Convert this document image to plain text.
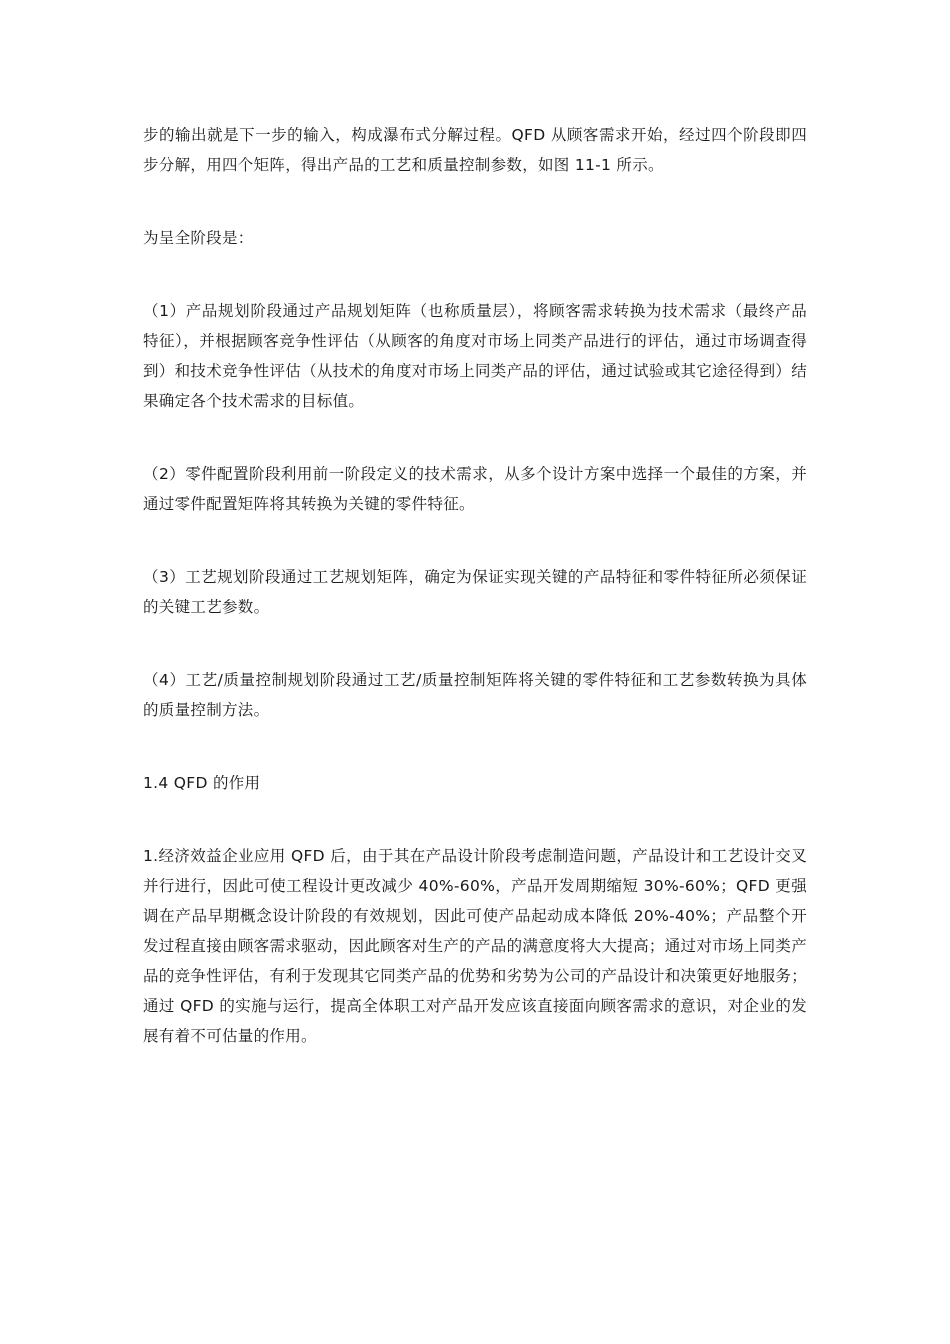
步的输出就是下一步的输入，构成瀑布式分解过程。QFD 从顾客需求开始，经过四个阶段即四步分解，用四个矩阵，得出产品的工艺和质量控制参数，如图 11-1 所示。

为呈全阶段是：

（1）产品规划阶段通过产品规划矩阵（也称质量层），将顾客需求转换为技术需求（最终产品特征），并根据顾客竞争性评估（从顾客的角度对市场上同类产品进行的评估，通过市场调查得到）和技术竞争性评估（从技术的角度对市场上同类产品的评估，通过试验或其它途径得到）结果确定各个技术需求的目标值。

（2）零件配置阶段利用前一阶段定义的技术需求，从多个设计方案中选择一个最佳的方案，并通过零件配置矩阵将其转换为关键的零件特征。

（3）工艺规划阶段通过工艺规划矩阵，确定为保证实现关键的产品特征和零件特征所必须保证的关键工艺参数。

（4）工艺/质量控制规划阶段通过工艺/质量控制矩阵将关键的零件特征和工艺参数转换为具体的质量控制方法。

1.4 QFD 的作用

1.经济效益企业应用 QFD 后，由于其在产品设计阶段考虑制造问题，产品设计和工艺设计交叉并行进行，因此可使工程设计更改减少 40%-60%，产品开发周期缩短 30%-60%；QFD 更强调在产品早期概念设计阶段的有效规划，因此可使产品起动成本降低 20%-40%；产品整个开发过程直接由顾客需求驱动，因此顾客对生产的产品的满意度将大大提高；通过对市场上同类产品的竞争性评估，有利于发现其它同类产品的优势和劣势为公司的产品设计和决策更好地服务；通过 QFD 的实施与运行，提高全体职工对产品开发应该直接面向顾客需求的意识，对企业的发展有着不可估量的作用。
